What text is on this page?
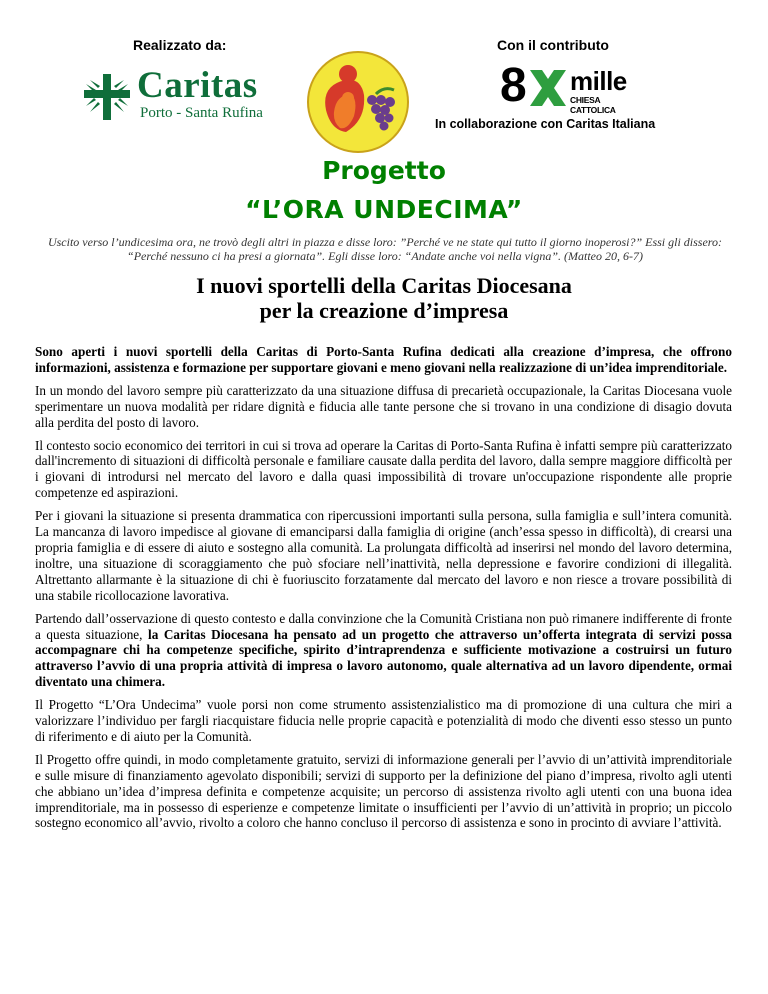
Realizzato da:	Con il contributo
Caritas
Porto - Santa Rufina
8 mille
CHIESA CATTOLICA
In collaborazione con Caritas Italiana
Progetto
“L’ORA UNDECIMA”
Uscito verso l’undicesima ora, ne trovò degli altri in piazza e disse loro: ”Perché ve ne state qui tutto il giorno inoperosi?” Essi gli dissero: “Perché nessuno ci ha presi a giornata”. Egli disse loro: “Andate anche voi nella vigna”. (Matteo 20, 6-7)
I nuovi sportelli della Caritas Diocesana
per la creazione d’impresa

Sono aperti i nuovi sportelli della Caritas di Porto-Santa Rufina dedicati alla creazione d’impresa, che offrono informazioni, assistenza e formazione per supportare giovani e meno giovani nella realizzazione di un’idea imprenditoriale.

In un mondo del lavoro sempre più caratterizzato da una situazione diffusa di precarietà occupazionale, la Caritas Diocesana vuole sperimentare un nuova modalità per ridare dignità e fiducia alle tante persone che si trovano in una condizione di disagio dovuta alla perdita del posto di lavoro.

Il contesto socio economico dei territori in cui si trova ad operare la Caritas di Porto-Santa Rufina è infatti sempre più caratterizzato dall'incremento di situazioni di difficoltà personale e familiare causate dalla perdita del lavoro, dalla sempre maggiore difficoltà per i giovani di introdursi nel mercato del lavoro e dalla quasi impossibilità di trovare un'occupazione rispondente alle proprie competenze ed aspirazioni.

Per i giovani la situazione si presenta drammatica con ripercussioni importanti sulla persona, sulla famiglia e sull’intera comunità. La mancanza di lavoro impedisce al giovane di emanciparsi dalla famiglia di origine (anch’essa spesso in difficoltà), di crearsi una propria famiglia e di essere di aiuto e sostegno alla comunità. La prolungata difficoltà ad inserirsi nel mondo del lavoro determina, inoltre, una situazione di scoraggiamento che può sfociare nell’inattività, nella depressione e favorire condizioni di illegalità. Altrettanto allarmante è la situazione di chi è fuoriuscito forzatamente dal mercato del lavoro e non riesce a trovare possibilità di una stabile ricollocazione lavorativa.

Partendo dall’osservazione di questo contesto e dalla convinzione che la Comunità Cristiana non può rimanere indifferente di fronte a questa situazione, la Caritas Diocesana ha pensato ad un progetto che attraverso un’offerta integrata di servizi possa accompagnare chi ha competenze specifiche, spirito d’intraprendenza e sufficiente motivazione a costruirsi un futuro attraverso l’avvio di una propria attività di impresa o lavoro autonomo, quale alternativa ad un lavoro dipendente, ormai diventato una chimera.

Il Progetto “L’Ora Undecima” vuole porsi non come strumento assistenzialistico ma di promozione di una cultura che miri a valorizzare l’individuo per fargli riacquistare fiducia nelle proprie capacità e potenzialità di modo che diventi esso stesso un punto di riferimento e di aiuto per la Comunità.

Il Progetto offre quindi, in modo completamente gratuito, servizi di informazione generali per l’avvio di un’attività imprenditoriale e sulle misure di finanziamento agevolato disponibili; servizi di supporto per la definizione del piano d’impresa, rivolto agli utenti che abbiano un’idea d’impresa definita e competenze acquisite; un percorso di assistenza rivolto agli utenti con una buona idea imprenditoriale, ma in possesso di esperienze e competenze limitate o insufficienti per l’avvio di un’attività in proprio; un piccolo sostegno economico all’avvio, rivolto a coloro che hanno concluso il percorso di assistenza e sono in procinto di avviare l’attività.
